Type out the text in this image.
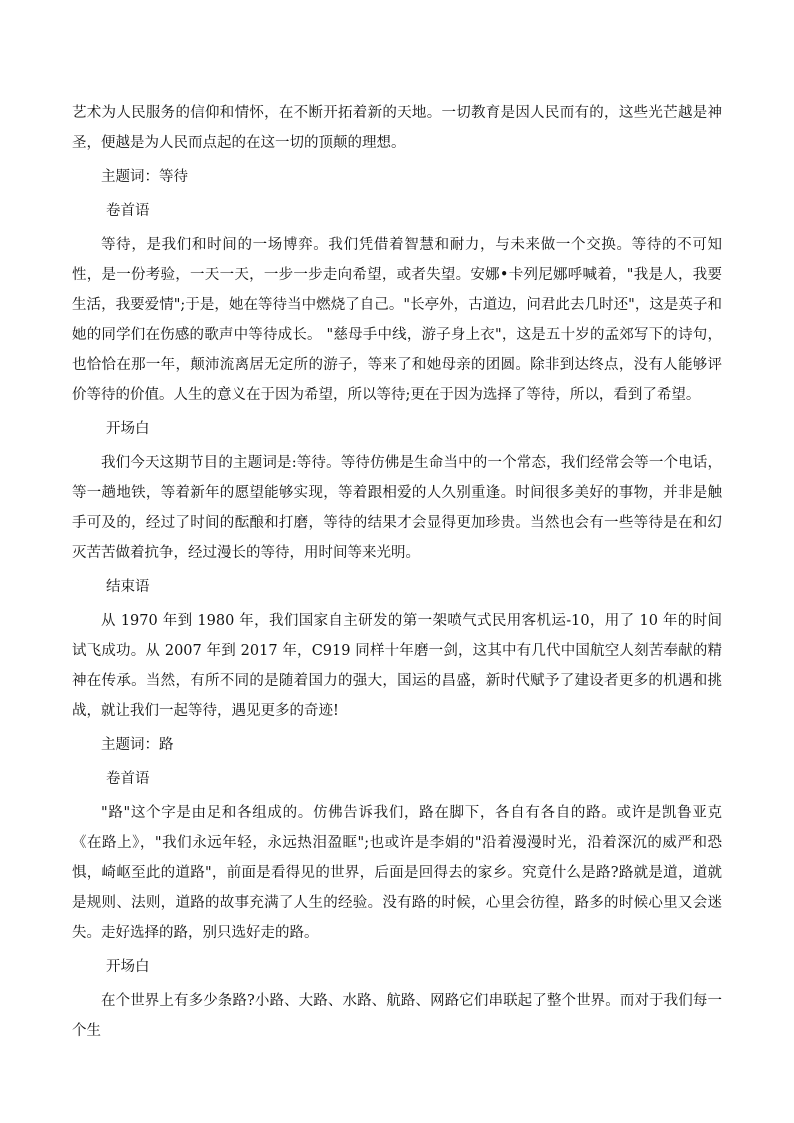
艺术为人民服务的信仰和情怀，在不断开拓着新的天地。一切教育是因人民而有的，这些光芒越是神圣，便越是为人民而点起的在这一切的顶颠的理想。

主题词：等待

卷首语

等待，是我们和时间的一场博弈。我们凭借着智慧和耐力，与未来做一个交换。等待的不可知性，是一份考验，一天一天，一步一步走向希望，或者失望。安娜•卡列尼娜呼喊着，"我是人，我要生活，我要爱情";于是，她在等待当中燃烧了自己。"长亭外，古道边，问君此去几时还"，这是英子和她的同学们在伤感的歌声中等待成长。 "慈母手中线，游子身上衣"，这是五十岁的孟郊写下的诗句，也恰恰在那一年，颠沛流离居无定所的游子，等来了和她母亲的团圆。除非到达终点，没有人能够评价等待的价值。人生的意义在于因为希望，所以等待;更在于因为选择了等待，所以，看到了希望。

开场白

我们今天这期节目的主题词是:等待。等待仿佛是生命当中的一个常态，我们经常会等一个电话，等一趟地铁，等着新年的愿望能够实现，等着跟相爱的人久别重逢。时间很多美好的事物，并非是触手可及的，经过了时间的酝酿和打磨，等待的结果才会显得更加珍贵。当然也会有一些等待是在和幻灭苦苦做着抗争，经过漫长的等待，用时间等来光明。

结束语

从 1970 年到 1980 年，我们国家自主研发的第一架喷气式民用客机运-10，用了 10 年的时间试飞成功。从 2007 年到 2017 年，C919 同样十年磨一剑，这其中有几代中国航空人刻苦奉献的精神在传承。当然，有所不同的是随着国力的强大，国运的昌盛，新时代赋予了建设者更多的机遇和挑战，就让我们一起等待，遇见更多的奇迹!

主题词：路

卷首语

"路"这个字是由足和各组成的。仿佛告诉我们，路在脚下，各自有各自的路。或许是凯鲁亚克《在路上》，"我们永远年轻，永远热泪盈眶";也或许是李娟的"沿着漫漫时光，沿着深沉的威严和恐惧，崎岖至此的道路"，前面是看得见的世界，后面是回得去的家乡。究竟什么是路?路就是道，道就是规则、法则，道路的故事充满了人生的经验。没有路的时候，心里会彷徨，路多的时候心里又会迷失。走好选择的路，别只选好走的路。

开场白

在个世界上有多少条路?小路、大路、水路、航路、网路它们串联起了整个世界。而对于我们每一个生
